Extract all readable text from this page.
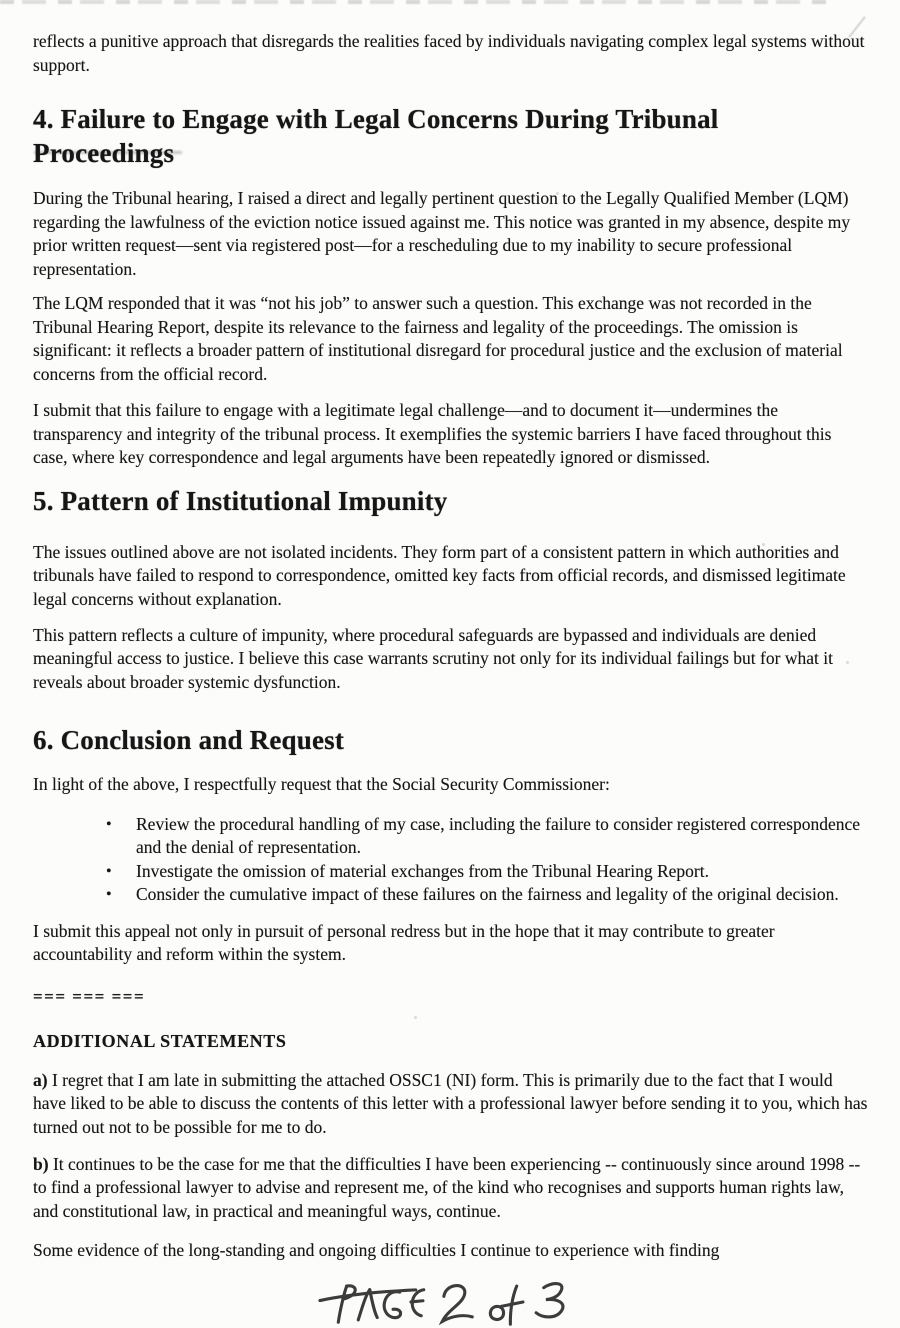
reflects a punitive approach that disregards the realities faced by individuals navigating complex legal systems without support.

4. Failure to Engage with Legal Concerns During Tribunal Proceedings

During the Tribunal hearing, I raised a direct and legally pertinent question to the Legally Qualified Member (LQM) regarding the lawfulness of the eviction notice issued against me. This notice was granted in my absence, despite my prior written request—sent via registered post—for a rescheduling due to my inability to secure professional representation.

The LQM responded that it was “not his job” to answer such a question. This exchange was not recorded in the Tribunal Hearing Report, despite its relevance to the fairness and legality of the proceedings. The omission is significant: it reflects a broader pattern of institutional disregard for procedural justice and the exclusion of material concerns from the official record.

I submit that this failure to engage with a legitimate legal challenge—and to document it—undermines the transparency and integrity of the tribunal process. It exemplifies the systemic barriers I have faced throughout this case, where key correspondence and legal arguments have been repeatedly ignored or dismissed.

5. Pattern of Institutional Impunity

The issues outlined above are not isolated incidents. They form part of a consistent pattern in which authorities and tribunals have failed to respond to correspondence, omitted key facts from official records, and dismissed legitimate legal concerns without explanation.

This pattern reflects a culture of impunity, where procedural safeguards are bypassed and individuals are denied meaningful access to justice. I believe this case warrants scrutiny not only for its individual failings but for what it reveals about broader systemic dysfunction.

6. Conclusion and Request

In light of the above, I respectfully request that the Social Security Commissioner:

• Review the procedural handling of my case, including the failure to consider registered correspondence and the denial of representation.
• Investigate the omission of material exchanges from the Tribunal Hearing Report.
• Consider the cumulative impact of these failures on the fairness and legality of the original decision.

I submit this appeal not only in pursuit of personal redress but in the hope that it may contribute to greater accountability and reform within the system.

=== === ===

ADDITIONAL STATEMENTS

a) I regret that I am late in submitting the attached OSSC1 (NI) form. This is primarily due to the fact that I would have liked to be able to discuss the contents of this letter with a professional lawyer before sending it to you, which has turned out not to be possible for me to do.

b) It continues to be the case for me that the difficulties I have been experiencing -- continuously since around 1998 -- to find a professional lawyer to advise and represent me, of the kind who recognises and supports human rights law, and constitutional law, in practical and meaningful ways, continue.

Some evidence of the long-standing and ongoing difficulties I continue to experience with finding
